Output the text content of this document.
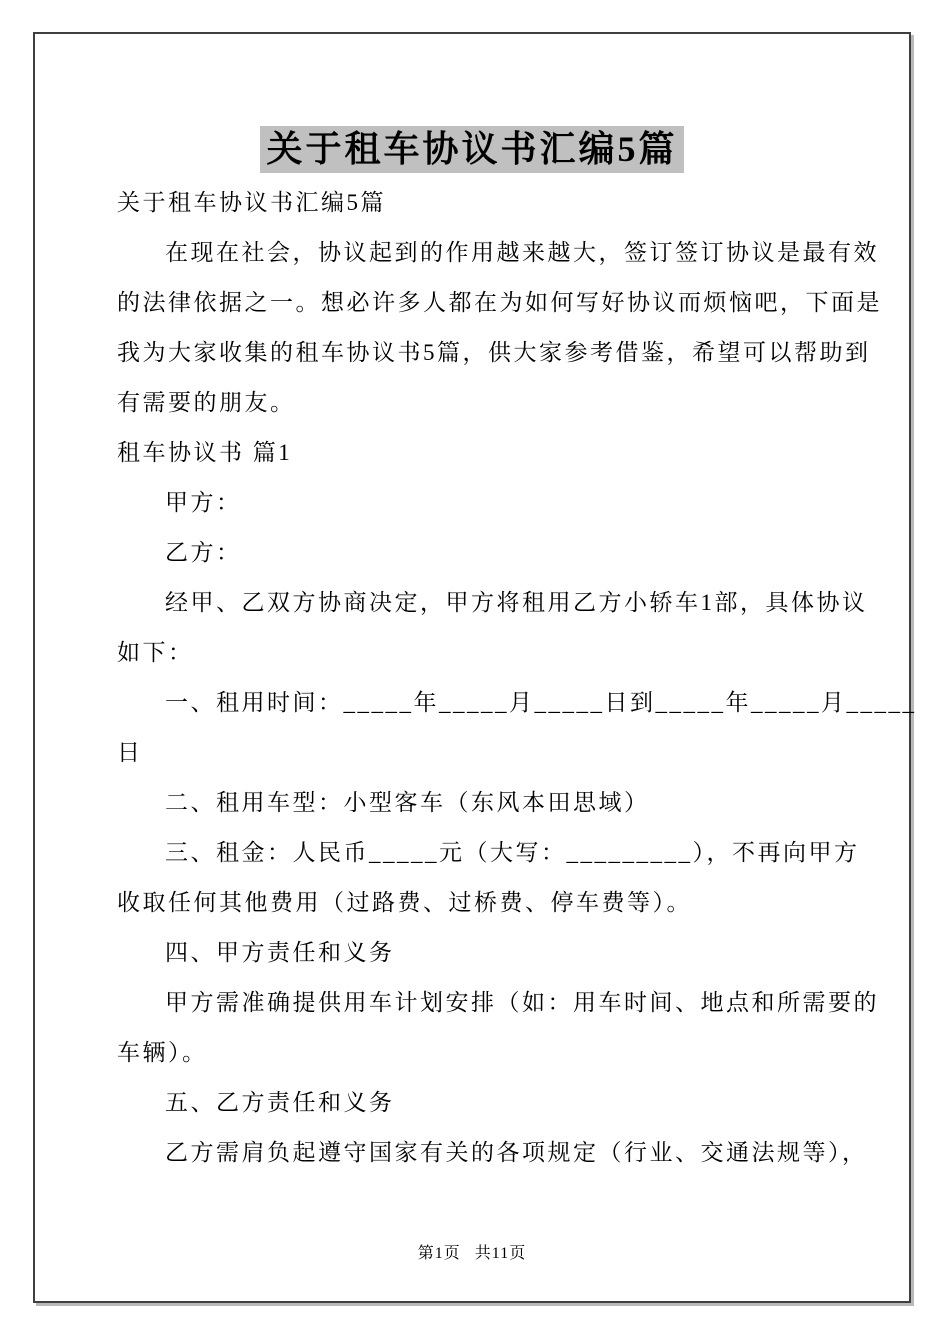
关于租车协议书汇编5篇
关于租车协议书汇编5篇
在现在社会，协议起到的作用越来越大，签订签订协议是最有效
的法律依据之一。想必许多人都在为如何写好协议而烦恼吧，下面是
我为大家收集的租车协议书5篇，供大家参考借鉴，希望可以帮助到
有需要的朋友。
租车协议书 篇1
甲方：
乙方：
经甲、乙双方协商决定，甲方将租用乙方小轿车1部，具体协议
如下：
一、租用时间：_____年_____月_____日到_____年_____月_____
日
二、租用车型：小型客车（东风本田思域）
三、租金：人民币_____元（大写：_________），不再向甲方
收取任何其他费用（过路费、过桥费、停车费等）。
四、甲方责任和义务
甲方需准确提供用车计划安排（如：用车时间、地点和所需要的
车辆）。
五、乙方责任和义务
乙方需肩负起遵守国家有关的各项规定（行业、交通法规等），
第1页 共11页
